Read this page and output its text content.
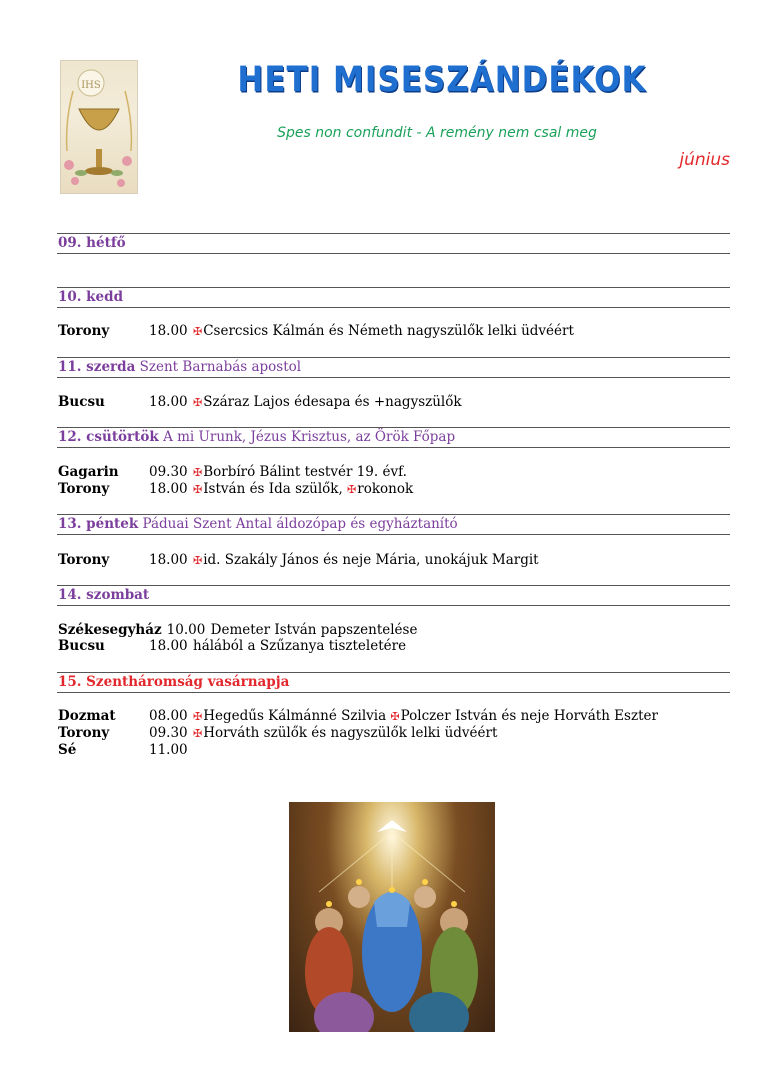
IHS	HETI MISESZÁNDÉKOK
Spes non confundit - A remény nem csal meg
június
09. hétfő
10. kedd
Torony	18.00 ✠Csercsics Kálmán és Németh nagyszülők lelki üdvéért
11. szerda Szent Barnabás apostol
Bucsu	18.00 ✠Száraz Lajos édesapa és +nagyszülők
12. csütörtök A mi Urunk, Jézus Krisztus, az Örök Főpap
Gagarin 09.30 ✠Borbíró Bálint testvér 19. évf.
Torony	18.00 ✠István és Ida szülők, ✠rokonok
13. péntek Páduai Szent Antal áldozópap és egyháztanító
Torony	18.00 ✠id. Szakály János és neje Mária, unokájuk Margit
14. szombat
Székesegyház 10.00 Demeter István papszentelése
Bucsu	18.00 hálából a Szűzanya tiszteletére
15. Szentháromság vasárnapja
Dozmat 08.00 ✠Hegedűs Kálmánné Szilvia ✠Polczer István és neje Horváth Eszter
Torony	09.30 ✠Horváth szülők és nagyszülők lelki üdvéért
Sé	11.00
